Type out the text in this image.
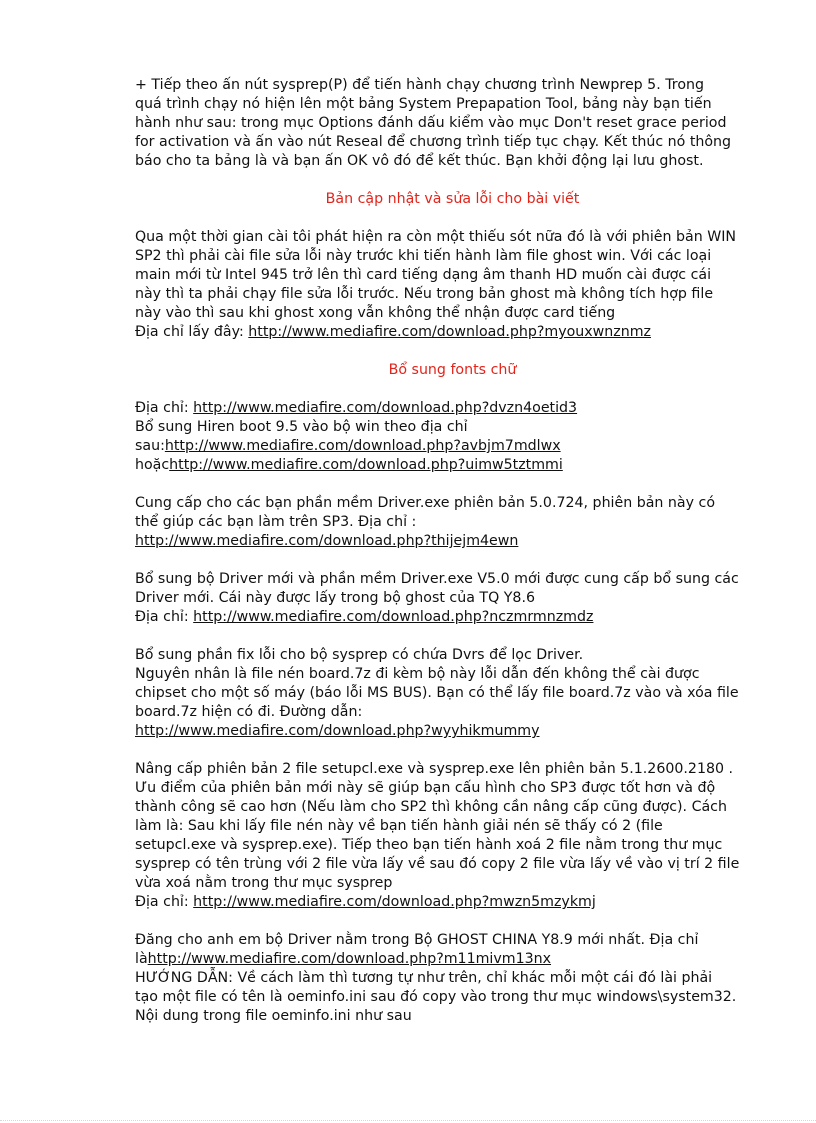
+ Tiếp theo ấn nút sysprep(P) để tiến hành chạy chương trình Newprep 5. Trong
quá trình chạy nó hiện lên một bảng System Prepapation Tool, bảng này bạn tiến
hành như sau: trong mục Options đánh dấu kiểm vào mục Don't reset grace period
for activation và ấn vào nút Reseal để chương trình tiếp tục chạy. Kết thúc nó thông
báo cho ta bảng là và bạn ấn OK vô đó để kết thúc. Bạn khởi động lại lưu ghost.
Bản cập nhật và sửa lỗi cho bài viết
Qua một thời gian cài tôi phát hiện ra còn một thiếu sót nữa đó là với phiên bản WIN
SP2 thì phải cài file sửa lỗi này trước khi tiến hành làm file ghost win. Với các loại
main mới từ Intel 945 trở lên thì card tiếng dạng âm thanh HD muốn cài được cái
này thì ta phải chạy file sửa lỗi trước. Nếu trong bản ghost mà không tích hợp file
này vào thì sau khi ghost xong vẫn không thể nhận được card tiếng
Địa chỉ lấy đây: http://www.mediafire.com/download.php?myouxwnznmz
Bổ sung fonts chữ
Địa chỉ: http://www.mediafire.com/download.php?dvzn4oetid3
Bổ sung Hiren boot 9.5 vào bộ win theo địa chỉ
sau:http://www.mediafire.com/download.php?avbjm7mdlwx
hoặchttp://www.mediafire.com/download.php?uimw5tztmmi
Cung cấp cho các bạn phần mềm Driver.exe phiên bản 5.0.724, phiên bản này có
thể giúp các bạn làm trên SP3. Địa chỉ :
http://www.mediafire.com/download.php?thijejm4ewn
Bổ sung bộ Driver mới và phần mềm Driver.exe V5.0 mới được cung cấp bổ sung các
Driver mới. Cái này được lấy trong bộ ghost của TQ Y8.6
Địa chỉ: http://www.mediafire.com/download.php?nczmrmnzmdz
Bổ sung phần fix lỗi cho bộ sysprep có chứa Dvrs để lọc Driver.
Nguyên nhân là file nén board.7z đi kèm bộ này lỗi dẫn đến không thể cài được
chipset cho một số máy (báo lỗi MS BUS). Bạn có thể lấy file board.7z vào và xóa file
board.7z hiện có đi. Đường dẫn:
http://www.mediafire.com/download.php?wyyhikmummy
Nâng cấp phiên bản 2 file setupcl.exe và sysprep.exe lên phiên bản 5.1.2600.2180 .
Ưu điểm của phiên bản mới này sẽ giúp bạn cấu hình cho SP3 được tốt hơn và độ
thành công sẽ cao hơn (Nếu làm cho SP2 thì không cần nâng cấp cũng được). Cách
làm là: Sau khi lấy file nén này về bạn tiến hành giải nén sẽ thấy có 2 (file
setupcl.exe và sysprep.exe). Tiếp theo bạn tiến hành xoá 2 file nằm trong thư mục
sysprep có tên trùng với 2 file vừa lấy về sau đó copy 2 file vừa lấy về vào vị trí 2 file
vừa xoá nằm trong thư mục sysprep
Địa chỉ: http://www.mediafire.com/download.php?mwzn5mzykmj
Đăng cho anh em bộ Driver nằm trong Bộ GHOST CHINA Y8.9 mới nhất. Địa chỉ
làhttp://www.mediafire.com/download.php?m11mivm13nx
HƯỚNG DẪN: Về cách làm thì tương tự như trên, chỉ khác mỗi một cái đó lài phải
tạo một file có tên là oeminfo.ini sau đó copy vào trong thư mục windows\system32.
Nội dung trong file oeminfo.ini như sau
